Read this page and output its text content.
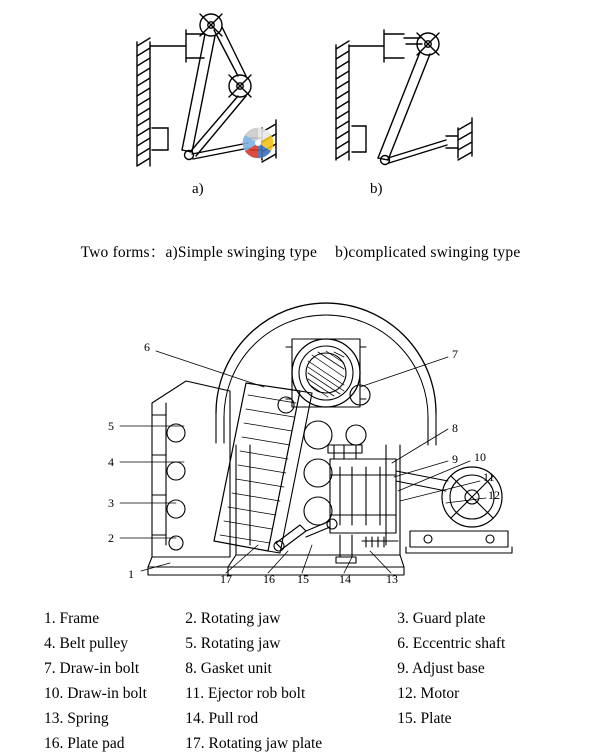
a)	b)
Two forms：a)Simple swinging type b)complicated swinging type
6
5
4
3
2
1
7
8
9 10
11
12
13
14
15
16
17
1. Frame	2. Rotating jaw	3. Guard plate
4. Belt pulley	5. Rotating jaw	6. Eccentric shaft
7. Draw-in bolt	8. Gasket unit	9. Adjust base
10. Draw-in bolt	11. Ejector rob bolt	12. Motor
13. Spring	14. Pull rod	15. Plate
16. Plate pad	17. Rotating jaw plate
